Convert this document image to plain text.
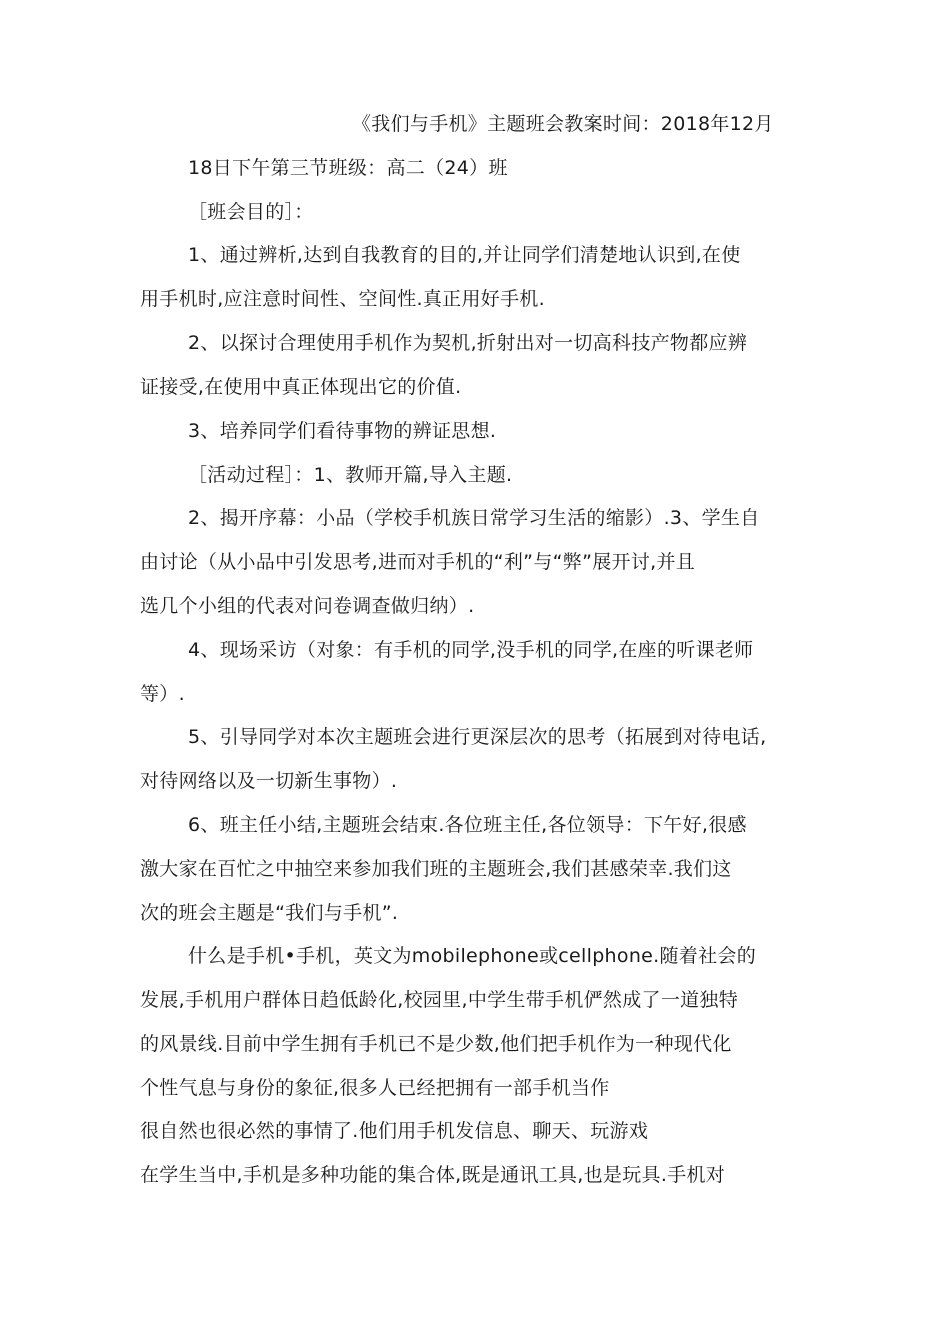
《我们与手机》主题班会教案时间：2018年12月
18日下午第三节班级：高二（24）班
［班会目的］：
1、通过辨析,达到自我教育的目的,并让同学们清楚地认识到,在使
用手机时,应注意时间性、空间性.真正用好手机.
2、以探讨合理使用手机作为契机,折射出对一切高科技产物都应辨
证接受,在使用中真正体现出它的价值.
3、培养同学们看待事物的辨证思想.
［活动过程］：1、教师开篇,导入主题.
2、揭开序幕：小品（学校手机族日常学习生活的缩影）.3、学生自
由讨论（从小品中引发思考,进而对手机的“利”与“弊”展开讨,并且
选几个小组的代表对问卷调查做归纳）.
4、现场采访（对象：有手机的同学,没手机的同学,在座的听课老师
等）.
5、引导同学对本次主题班会进行更深层次的思考（拓展到对待电话,
对待网络以及一切新生事物）.
6、班主任小结,主题班会结束.各位班主任,各位领导：下午好,很感
激大家在百忙之中抽空来参加我们班的主题班会,我们甚感荣幸.我们这
次的班会主题是“我们与手机”.
什么是手机•手机，英文为mobilephone或cellphone.随着社会的
发展,手机用户群体日趋低龄化,校园里,中学生带手机俨然成了一道独特
的风景线.目前中学生拥有手机已不是少数,他们把手机作为一种现代化
个性气息与身份的象征,很多人已经把拥有一部手机当作
很自然也很必然的事情了.他们用手机发信息、聊天、玩游戏
在学生当中,手机是多种功能的集合体,既是通讯工具,也是玩具.手机对
